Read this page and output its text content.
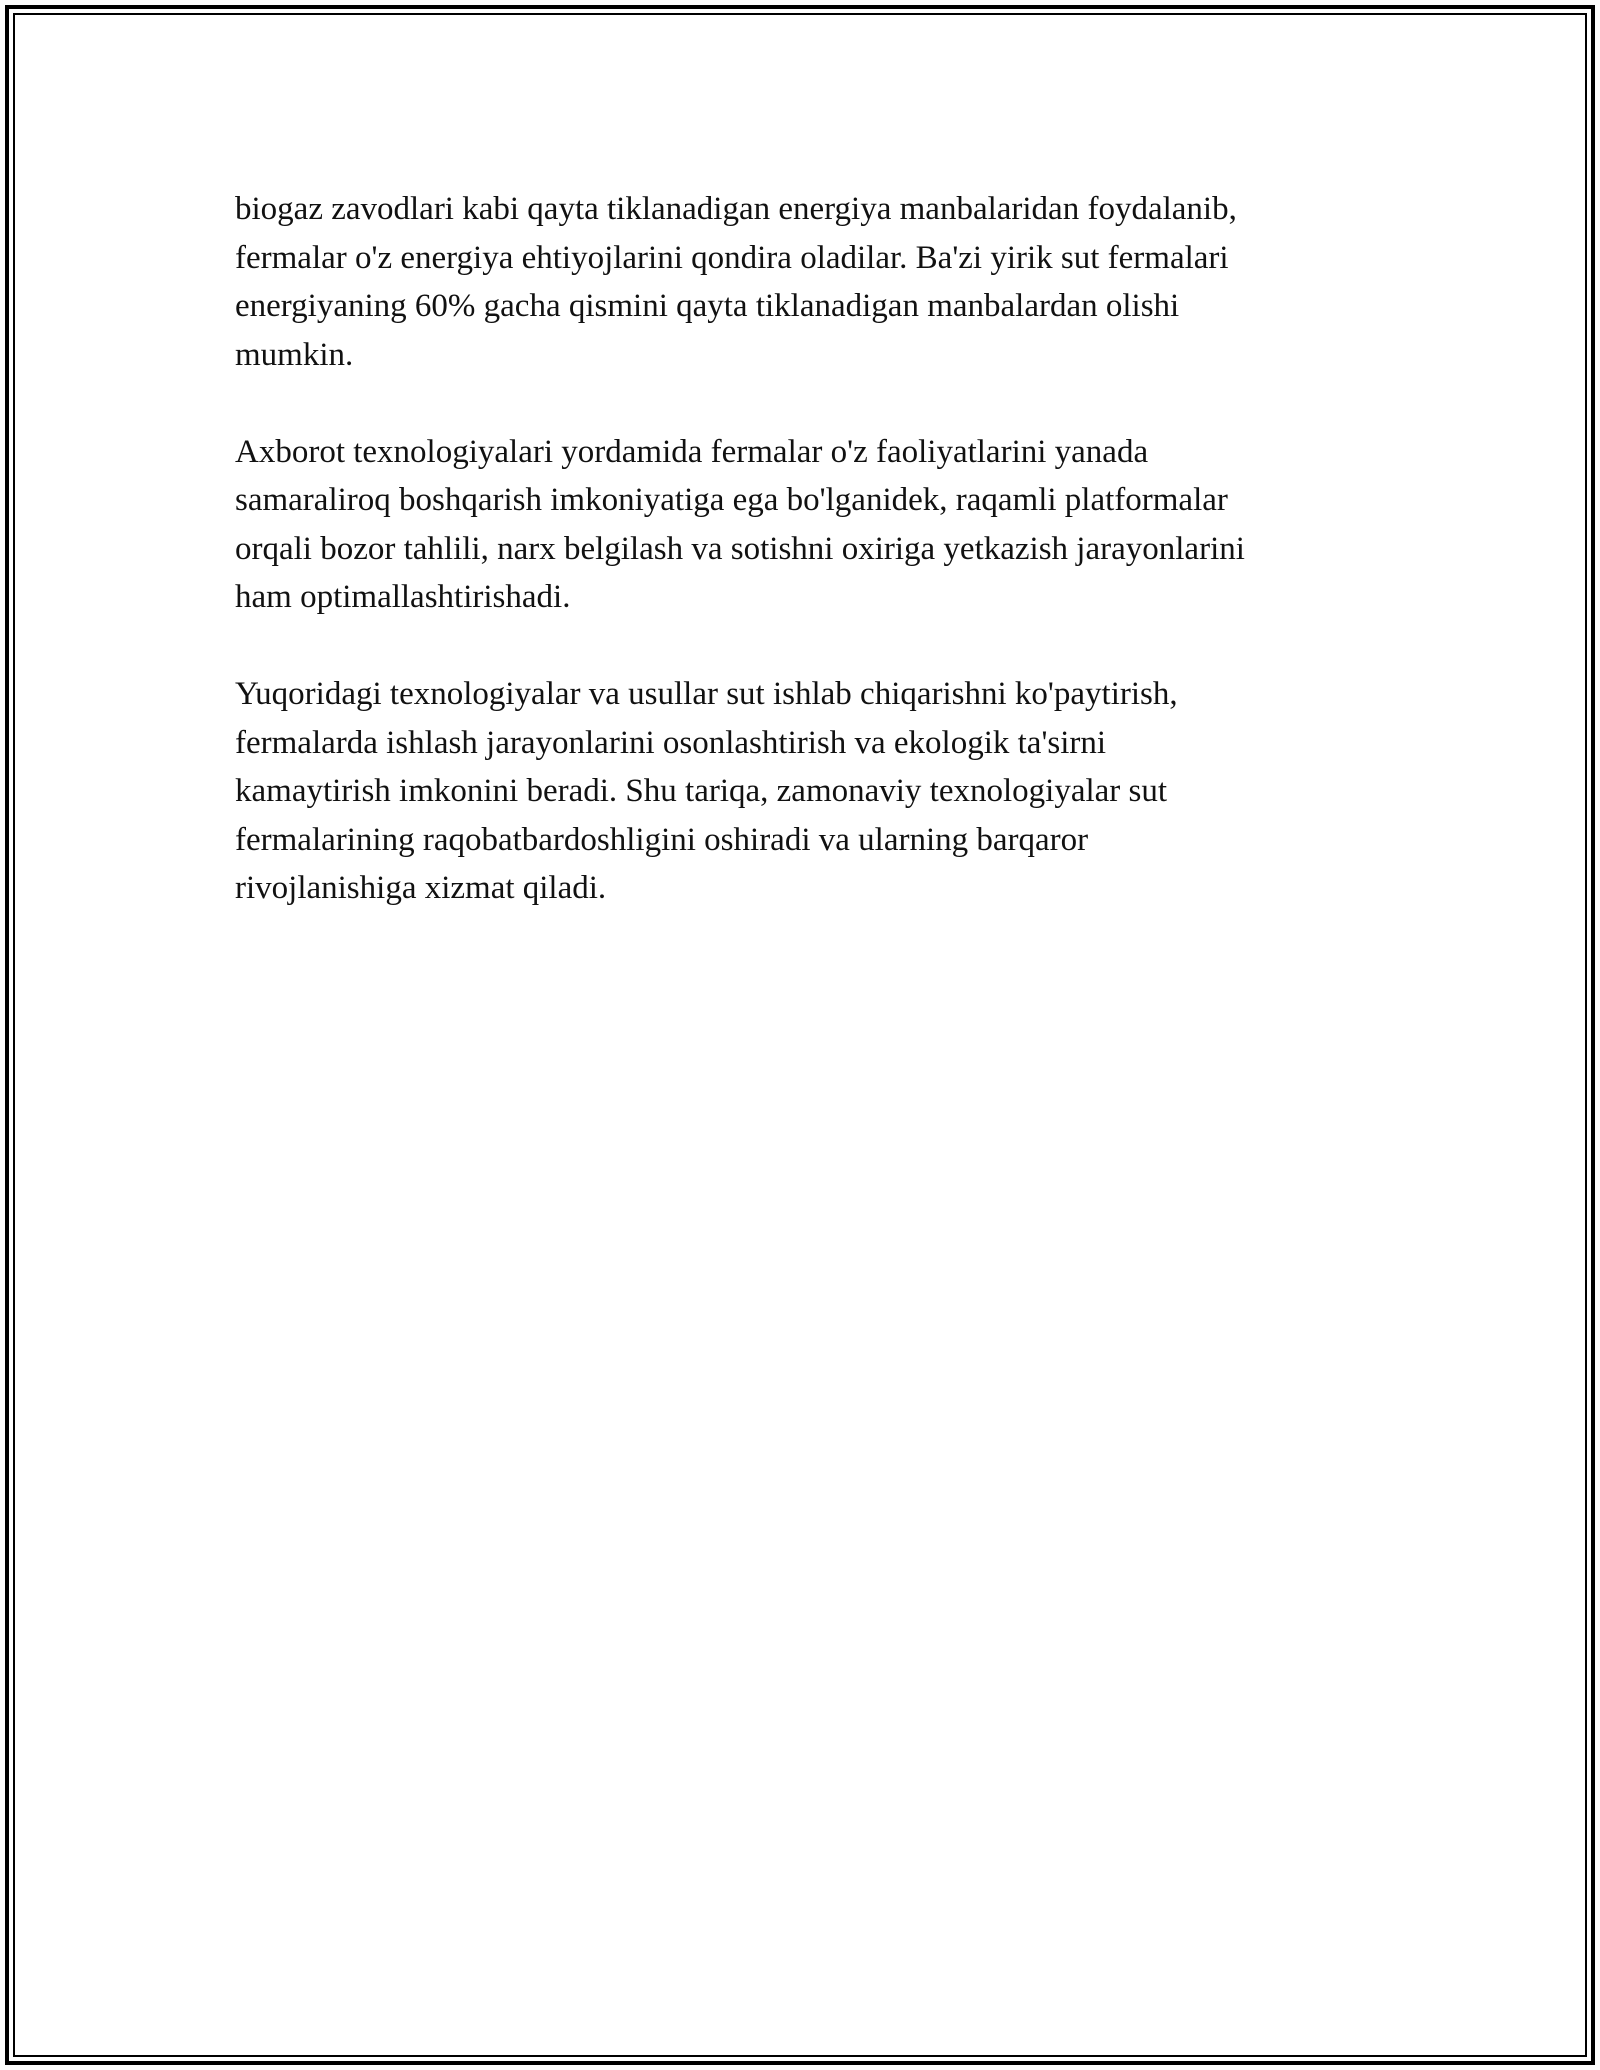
biogaz zavodlari kabi qayta tiklanadigan energiya manbalaridan foydalanib,
fermalar o'z energiya ehtiyojlarini qondira oladilar. Ba'zi yirik sut fermalari
energiyaning 60% gacha qismini qayta tiklanadigan manbalardan olishi
mumkin.

Axborot texnologiyalari yordamida fermalar o'z faoliyatlarini yanada
samaraliroq boshqarish imkoniyatiga ega bo'lganidek, raqamli platformalar
orqali bozor tahlili, narx belgilash va sotishni oxiriga yetkazish jarayonlarini
ham optimallashtirishadi.

Yuqoridagi texnologiyalar va usullar sut ishlab chiqarishni ko'paytirish,
fermalarda ishlash jarayonlarini osonlashtirish va ekologik ta'sirni
kamaytirish imkonini beradi. Shu tariqa, zamonaviy texnologiyalar sut
fermalarining raqobatbardoshligini oshiradi va ularning barqaror
rivojlanishiga xizmat qiladi.
